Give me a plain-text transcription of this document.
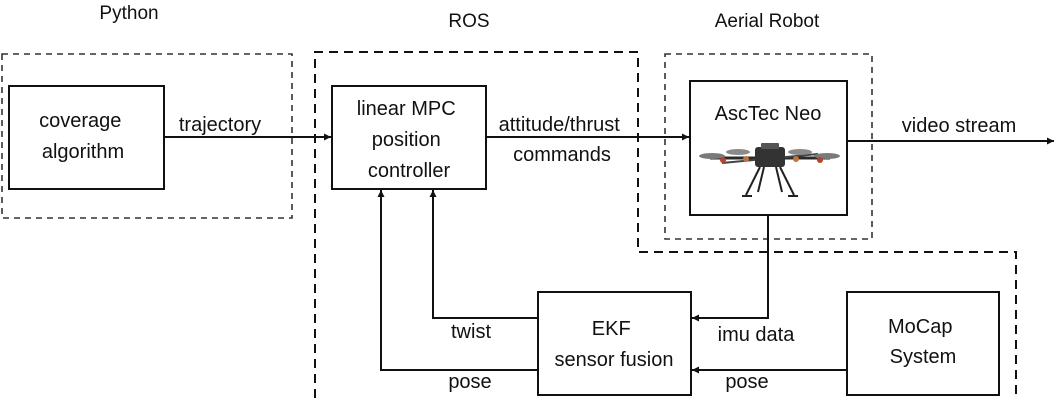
Python	ROS	Aerial Robot
coverage algorithm
linear MPC position controller
AscTec Neo
EKF sensor fusion
MoCap System
trajectory	attitude/thrust commands
video stream
imu data
pose
twist
pose
